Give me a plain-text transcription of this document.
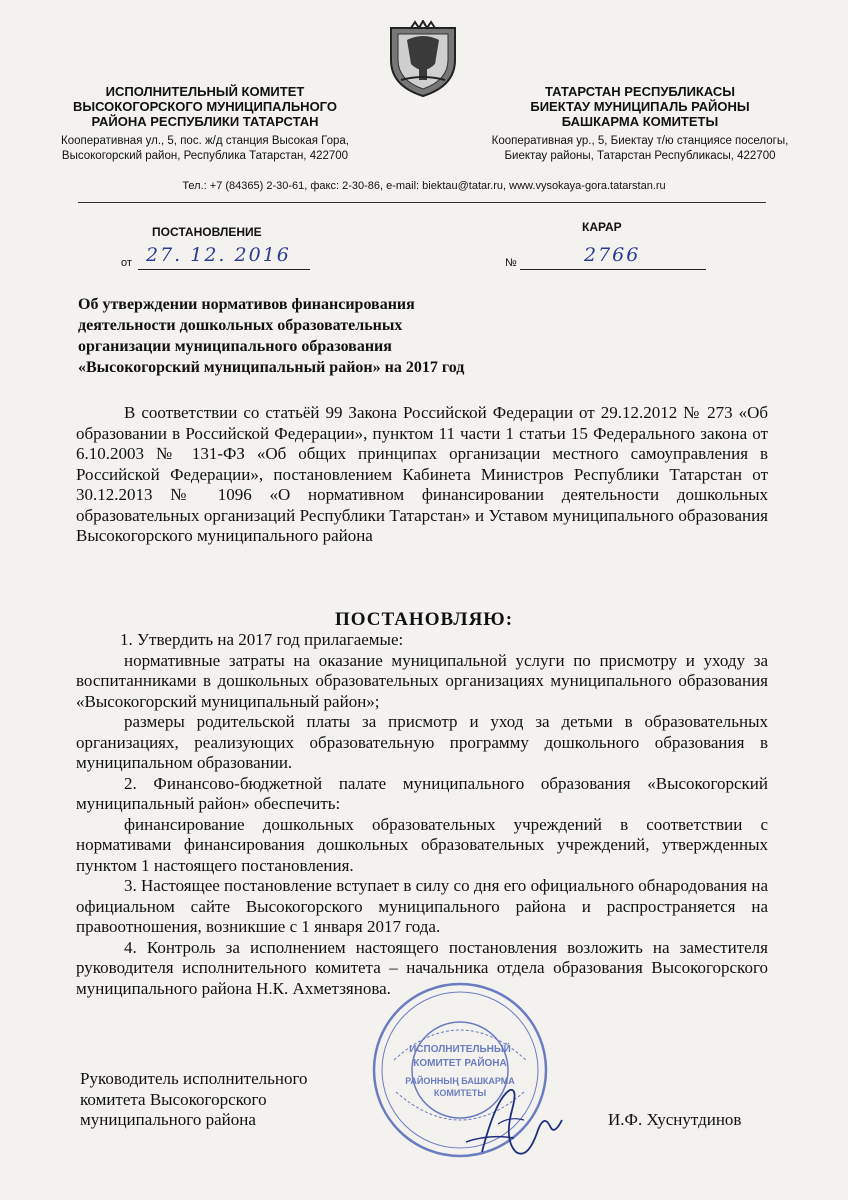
ИСПОЛНИТЕЛЬНЫЙ КОМИТЕТ
ВЫСОКОГОРСКОГО МУНИЦИПАЛЬНОГО
РАЙОНА РЕСПУБЛИКИ ТАТАРСТАН
Кооперативная ул., 5, пос. ж/д станция Высокая Гора,
Высокогорский район, Республика Татарстан, 422700
ТАТАРСТАН РЕСПУБЛИКАСЫ
БИЕКТАУ МУНИЦИПАЛЬ РАЙОНЫ
БАШКАРМА КОМИТЕТЫ
Кооперативная ур., 5, Биектау т/ю станциясе поселогы,
Биектау районы, Татарстан Республикасы, 422700
Тел.: +7 (84365) 2-30-61, факс: 2-30-86, e-mail: biektau@tatar.ru, www.vysokaya-gora.tatarstan.ru
ПОСТАНОВЛЕНИЕ	КАРАР
от 27. 12. 2016	№	2766
Об утверждении нормативов финансирования
деятельности дошкольных образовательных
организации муниципального образования
«Высокогорский муниципальный район» на 2017 год
В соответствии со статьёй 99 Закона Российской Федерации от 29.12.2012 № 273 «Об образовании в Российской Федерации», пунктом 11 части 1 статьи 15 Федерального закона от 6.10.2003 № 131-ФЗ «Об общих принципах организации местного самоуправления в Российской Федерации», постановлением Кабинета Министров Республики Татарстан от 30.12.2013 № 1096 «О нормативном финансировании деятельности дошкольных образовательных организаций Республики Татарстан» и Уставом муниципального образования Высокогорского муниципального района
ПОСТАНОВЛЯЮ:
1. Утвердить на 2017 год прилагаемые:
нормативные затраты на оказание муниципальной услуги по присмотру и уходу за воспитанниками в дошкольных образовательных организациях муниципального образования «Высокогорский муниципальный район»;
размеры родительской платы за присмотр и уход за детьми в образовательных организациях, реализующих образовательную программу дошкольного образования в муниципальном образовании.
2. Финансово-бюджетной палате муниципального образования «Высокогорский муниципальный район» обеспечить:
финансирование дошкольных образовательных учреждений в соответствии с нормативами финансирования дошкольных образовательных учреждений, утвержденных пунктом 1 настоящего постановления.
3. Настоящее постановление вступает в силу со дня его официального обнародования на официальном сайте Высокогорского муниципального района и распространяется на правоотношения, возникшие с 1 января 2017 года.
4. Контроль за исполнением настоящего постановления возложить на заместителя руководителя исполнительного комитета – начальника отдела образования Высокогорского муниципального района Н.К. Ахметзянова.
ИСПОЛНИТЕЛЬНЫЙ
КОМИТЕТ РАЙОНА
РАЙОННЫҢ БАШКАРМА
КОМИТЕТЫ
Руководитель исполнительного
комитета Высокогорского
муниципального района	И.Ф. Хуснутдинов
